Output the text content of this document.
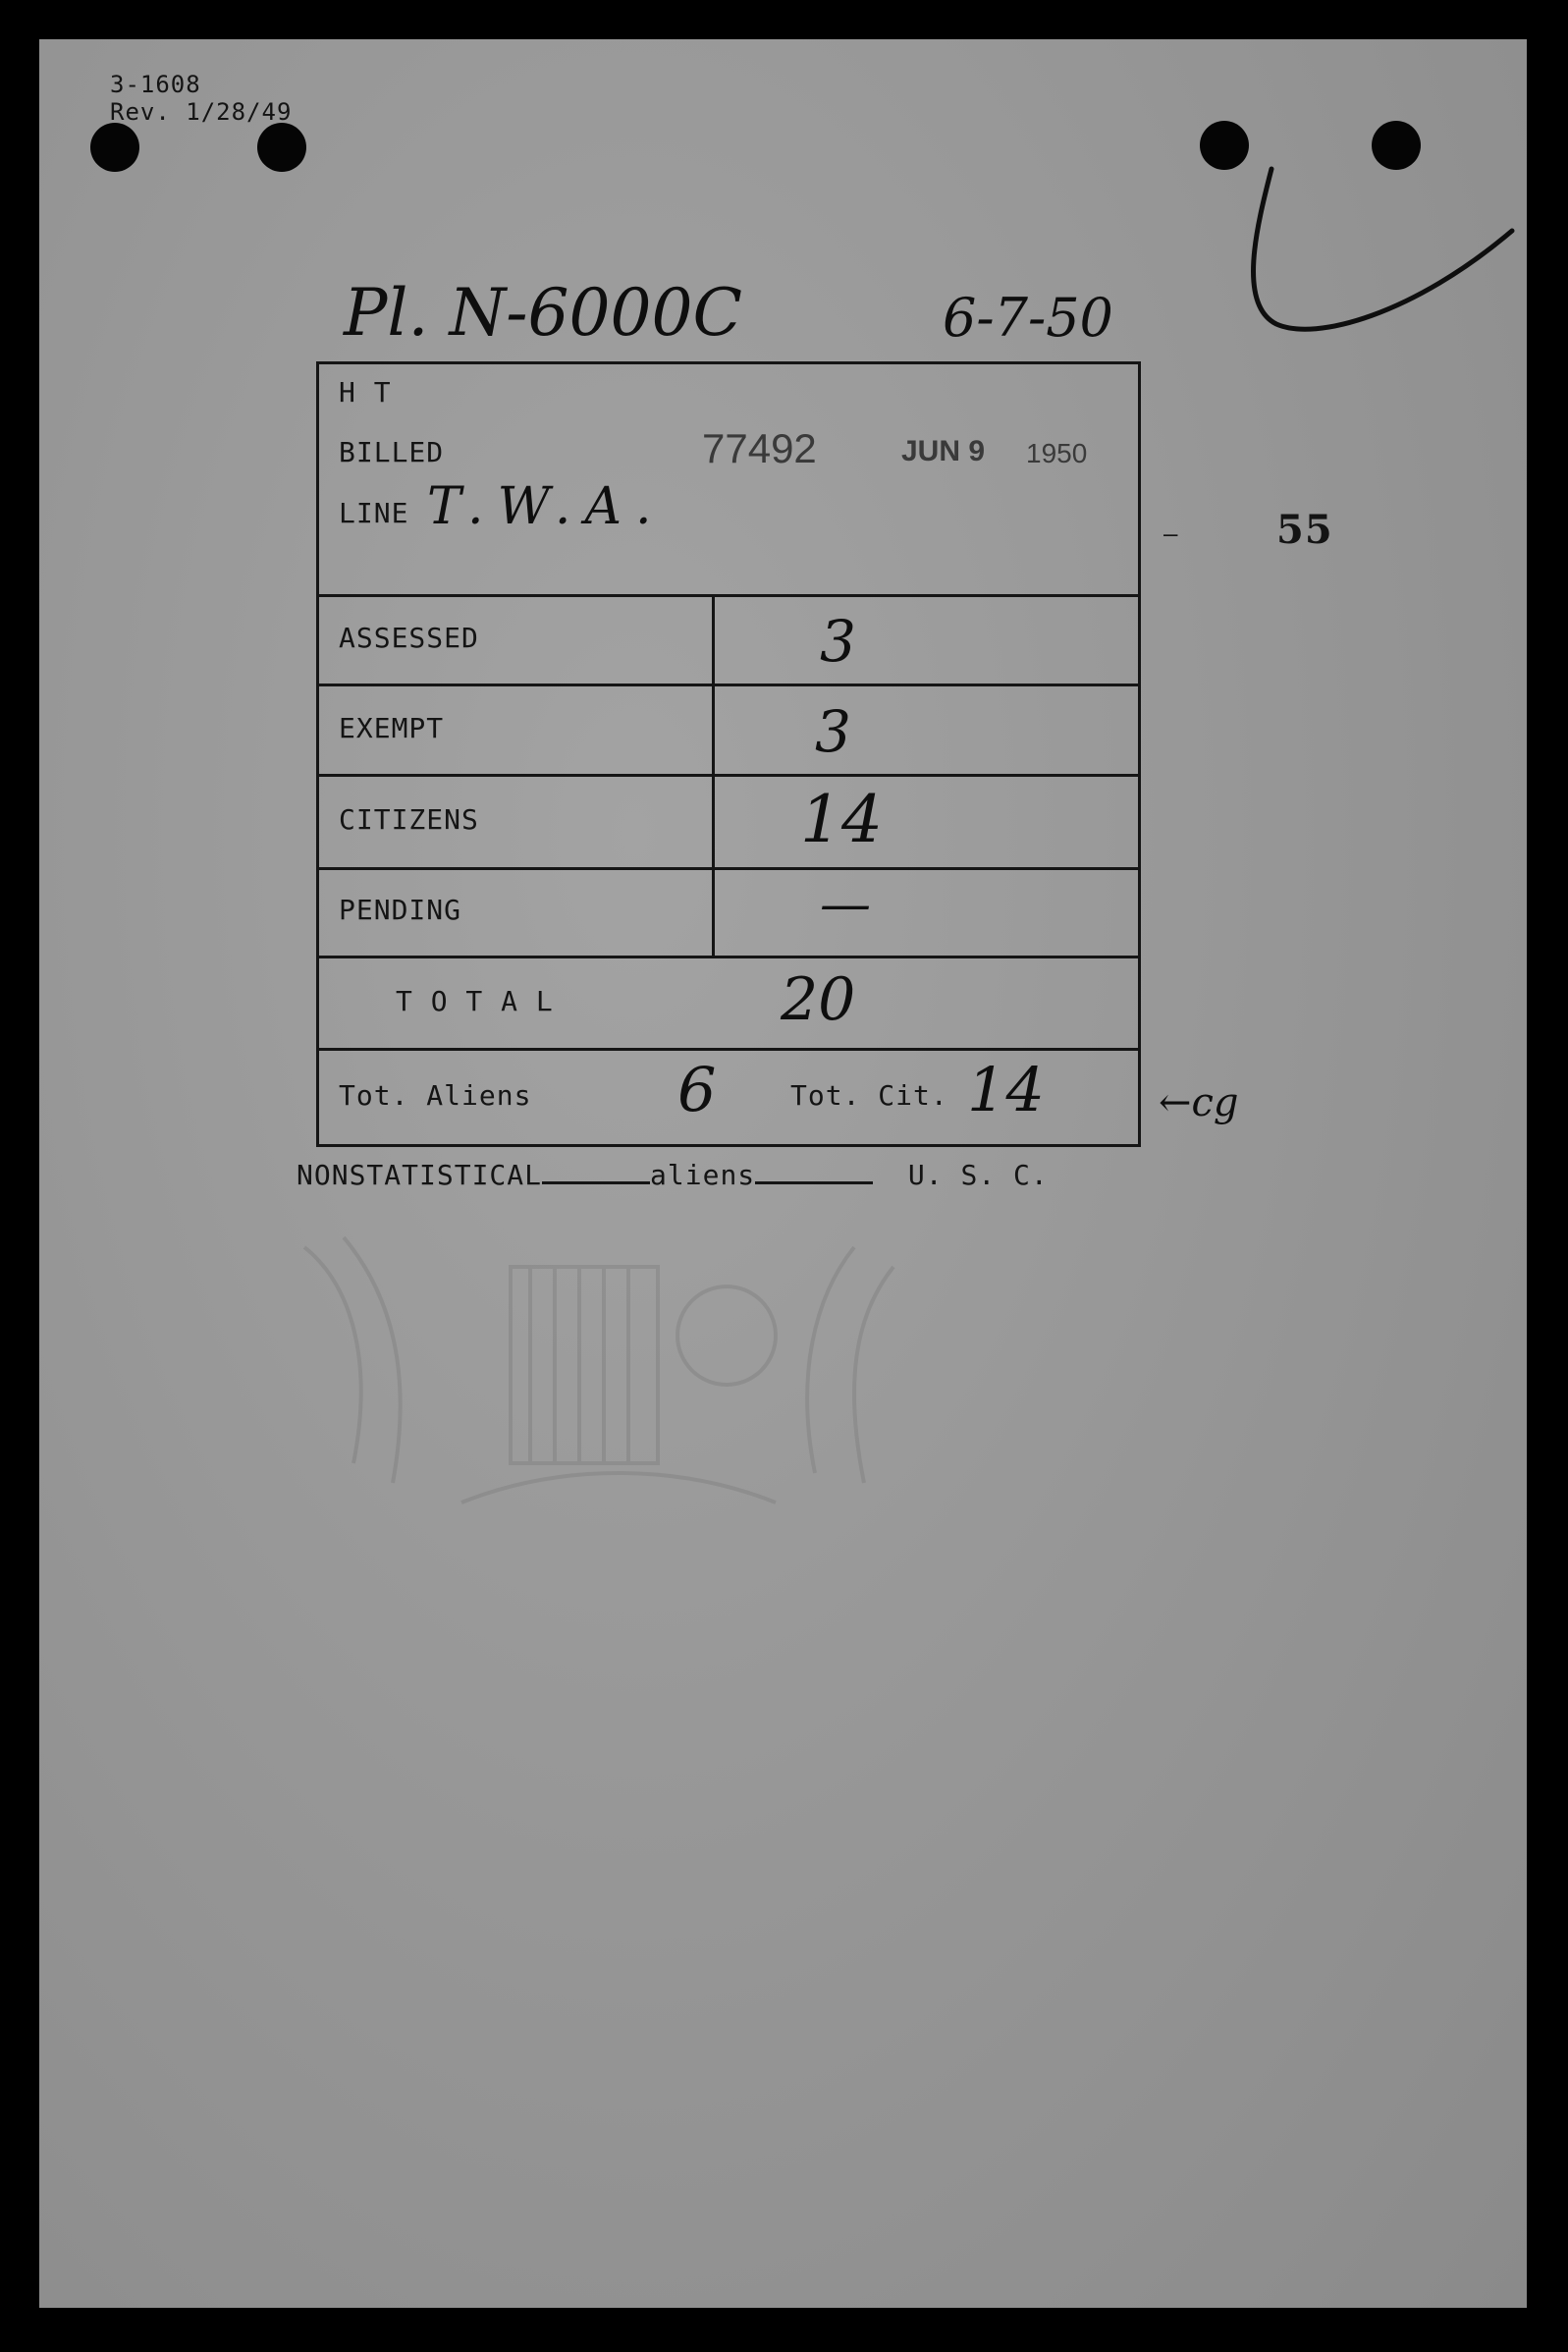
3-1608
Rev. 1/28/49
Pl. N-6000C	6-7-50
H T
BILLED	77492	JUN 9 1950
LINE T.W.A.
ASSESSED	3
EXEMPT	3
CITIZENS	14
PENDING	—
T O T A L	20
Tot. Aliens 6	Tot. Cit. 14
— 55
←cg
NONSTATISTICAL	aliens	U. S. C.
